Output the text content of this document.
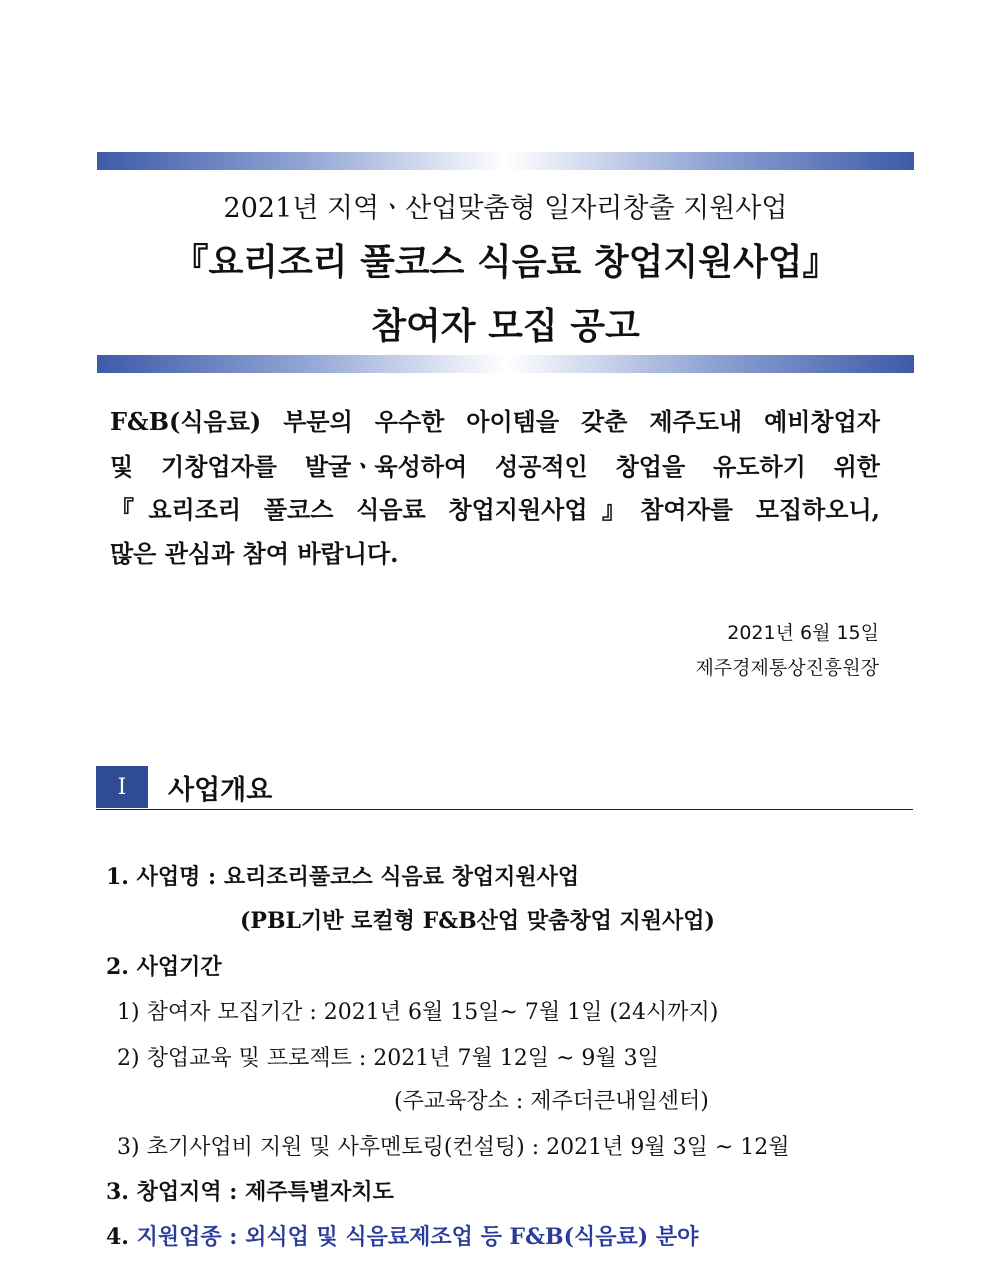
2021년 지역ㆍ산업맞춤형 일자리창출 지원사업
『요리조리 풀코스 식음료 창업지원사업』
참여자 모집 공고
F&B(식음료) 부문의 우수한 아이템을 갖춘 제주도내 예비창업자
및 기창업자를 발굴ㆍ육성하여 성공적인 창업을 유도하기 위한
『요리조리 풀코스 식음료 창업지원사업』참여자를 모집하오니,
많은 관심과 참여 바랍니다.
2021년 6월 15일
제주경제통상진흥원장
Ⅰ	사업개요
1. 사업명 : 요리조리풀코스 식음료 창업지원사업
(PBL기반 로컬형 F&B산업 맞춤창업 지원사업)
2. 사업기간
1) 참여자 모집기간 : 2021년 6월 15일~ 7월 1일 (24시까지)
2) 창업교육 및 프로젝트 : 2021년 7월 12일 ~ 9월 3일
(주교육장소 : 제주더큰내일센터)
3) 초기사업비 지원 및 사후멘토링(컨설팅) : 2021년 9월 3일 ~ 12월
3. 창업지역 : 제주특별자치도
4. 지원업종 : 외식업 및 식음료제조업 등 F&B(식음료) 분야
